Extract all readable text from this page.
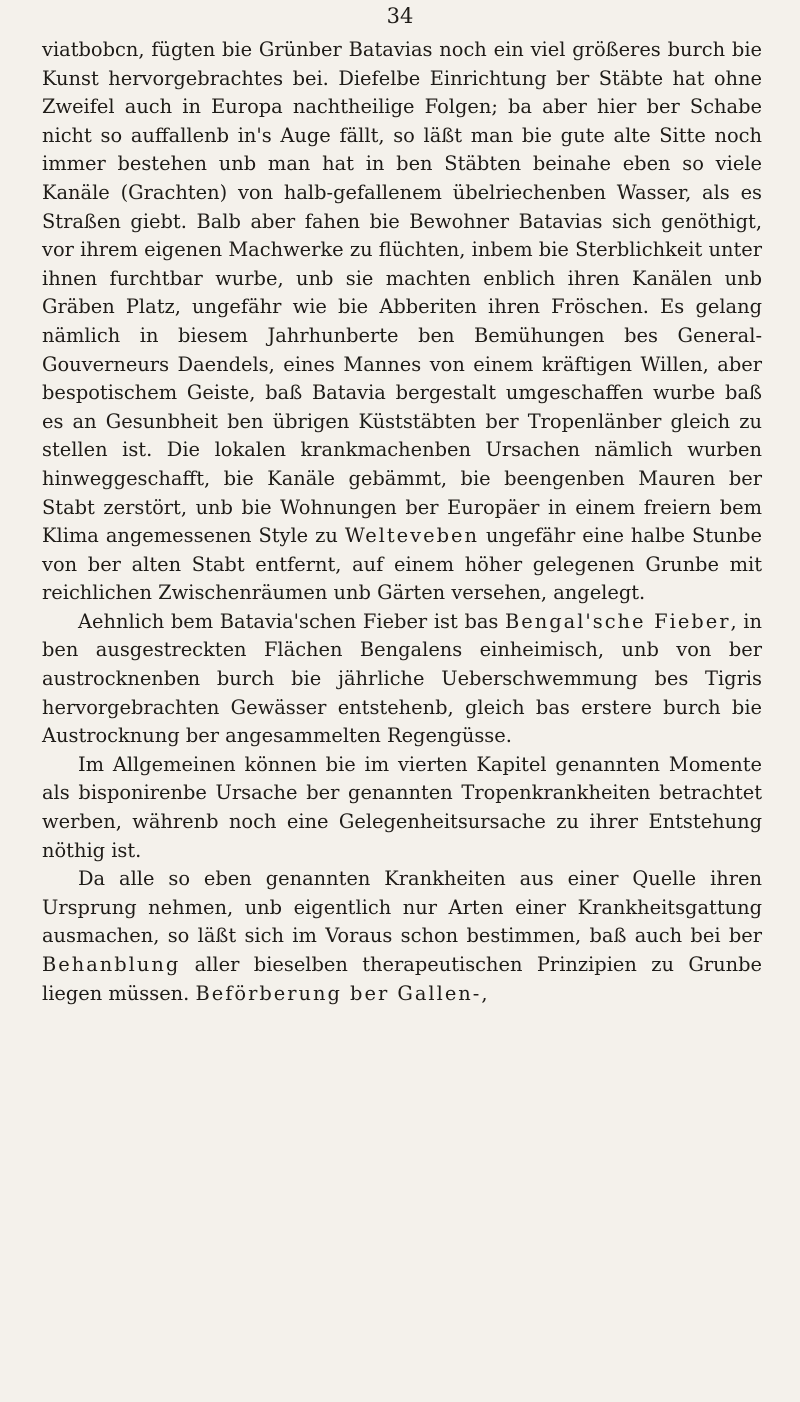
34

viatbobcn, fügten bie Grünber Batavias noch ein viel größeres burch bie Kunst hervorgebrachtes bei. Diefelbe Einrichtung ber Stäbte hat ohne Zweifel auch in Europa nachtheilige Folgen; ba aber hier ber Schabe nicht so auffallenb in's Auge fällt, so läßt man bie gute alte Sitte noch immer bestehen unb man hat in ben Stäbten beinahe eben so viele Kanäle (Grachten) von halb-gefallenem übelriechenben Wasser, als es Straßen giebt. Balb aber fahen bie Bewohner Batavias sich genöthigt, vor ihrem eigenen Machwerke zu flüchten, inbem bie Sterblichkeit unter ihnen furchtbar wurbe, unb sie machten enblich ihren Kanälen unb Gräben Platz, ungefähr wie bie Abberiten ihren Fröschen. Es gelang nämlich in biesem Jahrhunberte ben Bemühungen bes General-Gouverneurs Daendels, eines Mannes von einem kräftigen Willen, aber bespotischem Geiste, baß Batavia bergestalt umgeschaffen wurbe baß es an Gesunbheit ben übrigen Küststäbten ber Tropenlänber gleich zu stellen ist. Die lokalen krankmachenben Ursachen nämlich wurben hinweggeschafft, bie Kanäle gebämmt, bie beengenben Mauren ber Stabt zerstört, unb bie Wohnungen ber Europäer in einem freiern bem Klima angemessenen Style zu Welteveben ungefähr eine halbe Stunbe von ber alten Stabt entfernt, auf einem höher gelegenen Grunbe mit reichlichen Zwischenräumen unb Gärten versehen, angelegt.

Aehnlich bem Batavia'schen Fieber ist bas Bengal'sche Fieber, in ben ausgestreckten Flächen Bengalens einheimisch, unb von ber austrocknenben burch bie jährliche Ueberschwemmung bes Tigris hervorgebrachten Gewässer entstehenb, gleich bas erstere burch bie Austrocknung ber angesammelten Regengüsse.

Im Allgemeinen können bie im vierten Kapitel genannten Momente als bisponirenbe Ursache ber genannten Tropenkrankheiten betrachtet werben, währenb noch eine Gelegenheitsursache zu ihrer Entstehung nöthig ist.

Da alle so eben genannten Krankheiten aus einer Quelle ihren Ursprung nehmen, unb eigentlich nur Arten einer Krankheitsgattung ausmachen, so läßt sich im Voraus schon bestimmen, baß auch bei ber Behanblung aller bieselben therapeutischen Prinzipien zu Grunbe liegen müssen. Beförberung ber Gallen-,
